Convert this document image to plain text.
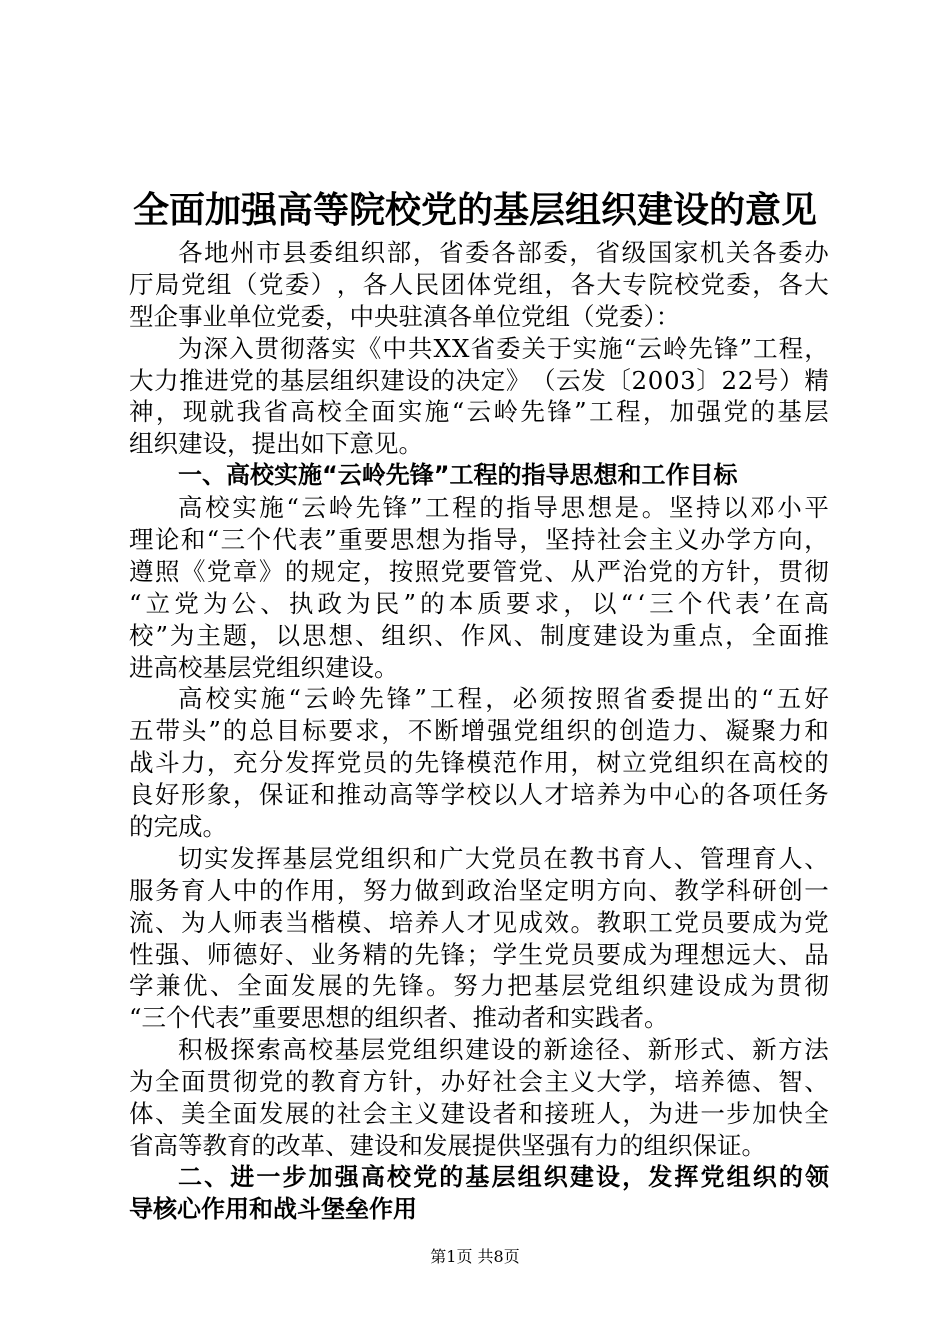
全面加强高等院校党的基层组织建设的意见
各 地 州 市 县 委 组 织 部 ， 省 委 各 部 委 ， 省 级 国 家 机 关 各 委 办
厅 局 党 组 （ 党 委 ） ， 各 人 民 团 体 党 组 ， 各 大 专 院 校 党 委 ， 各 大
型企事业单位党委，中央驻滇各单位党组（党委）：
为 深 入 贯 彻 落 实 《 中 共 X X 省 委 关 于 实 施 “ 云 岭 先 锋 ” 工 程 ，
大 力 推 进 党 的 基 层 组 织 建 设 的 决 定 》 （ 云 发 〔 2 0 0 3 〕 2 2 号 ） 精
神 ， 现 就 我 省 高 校 全 面 实 施 “ 云 岭 先 锋 ” 工 程 ， 加 强 党 的 基 层
组织建设，提出如下意见。
一、高校实施“云岭先锋”工程的指导思想和工作目标
高 校 实 施 “ 云 岭 先 锋 ” 工 程 的 指 导 思 想 是 。 坚 持 以 邓 小 平
理 论 和 “ 三 个 代 表 ” 重 要 思 想 为 指 导 ， 坚 持 社 会 主 义 办 学 方 向 ，
遵 照 《 党 章 》 的 规 定 ， 按 照 党 要 管 党 、 从 严 治 党 的 方 针 ， 贯 彻
“ 立 党 为 公 、 执 政 为 民 ” 的 本 质 要 求 ， 以 “ ‘ 三 个 代 表 ’ 在 高
校 ” 为 主 题 ， 以 思 想 、 组 织 、 作 风 、 制 度 建 设 为 重 点 ， 全 面 推
进高校基层党组织建设。
高 校 实 施 “ 云 岭 先 锋 ” 工 程 ， 必 须 按 照 省 委 提 出 的 “ 五 好
五 带 头 ” 的 总 目 标 要 求 ， 不 断 增 强 党 组 织 的 创 造 力 、 凝 聚 力 和
战 斗 力 ， 充 分 发 挥 党 员 的 先 锋 模 范 作 用 ， 树 立 党 组 织 在 高 校 的
良 好 形 象 ， 保 证 和 推 动 高 等 学 校 以 人 才 培 养 为 中 心 的 各 项 任 务
的完成。
切 实 发 挥 基 层 党 组 织 和 广 大 党 员 在 教 书 育 人 、 管 理 育 人 、
服 务 育 人 中 的 作 用 ， 努 力 做 到 政 治 坚 定 明 方 向 、 教 学 科 研 创 一
流 、 为 人 师 表 当 楷 模 、 培 养 人 才 见 成 效 。 教 职 工 党 员 要 成 为 党
性 强 、 师 德 好 、 业 务 精 的 先 锋 ； 学 生 党 员 要 成 为 理 想 远 大 、 品
学 兼 优 、 全 面 发 展 的 先 锋 。 努 力 把 基 层 党 组 织 建 设 成 为 贯 彻
“三个代表”重要思想的组织者、推动者和实践者。
积 极 探 索 高 校 基 层 党 组 织 建 设 的 新 途 径 、 新 形 式 、 新 方 法
为 全 面 贯 彻 党 的 教 育 方 针 ， 办 好 社 会 主 义 大 学 ， 培 养 德 、 智 、
体 、 美 全 面 发 展 的 社 会 主 义 建 设 者 和 接 班 人 ， 为 进 一 步 加 快 全
省高等教育的改革、建设和发展提供坚强有力的组织保证。
二 、 进 一 步 加 强 高 校 党 的 基 层 组 织 建 设 ， 发 挥 党 组 织 的 领
导核心作用和战斗堡垒作用
第1页 共8页
